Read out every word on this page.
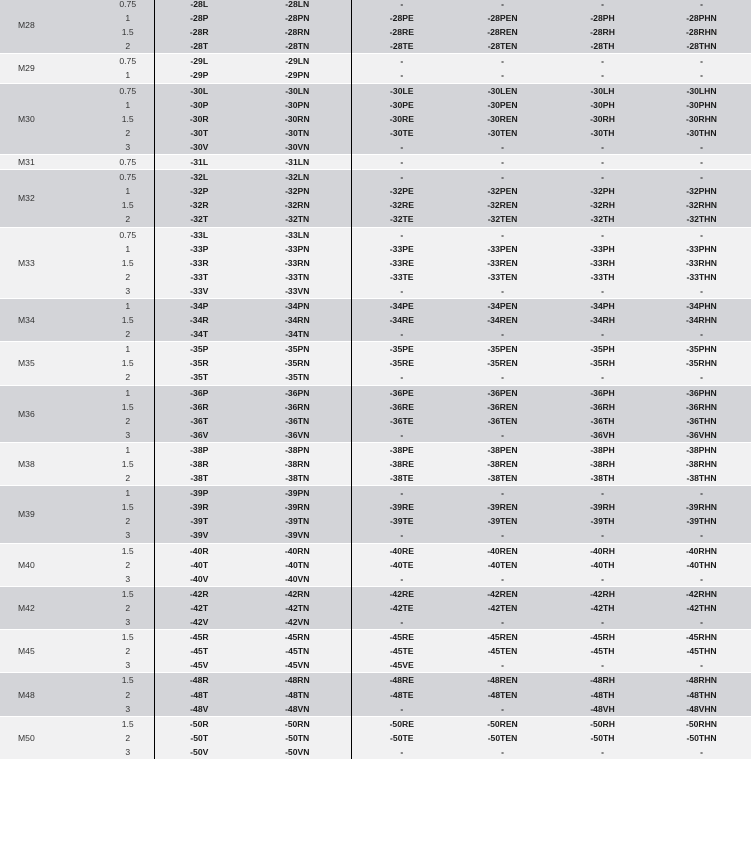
M28	0.75	-28L	-28LN	-	-	-	-
	1	-28P	-28PN	-28PE	-28PEN	-28PH	-28PHN
	1.5	-28R	-28RN	-28RE	-28REN	-28RH	-28RHN
	2	-28T	-28TN	-28TE	-28TEN	-28TH	-28THN
M29	0.75	-29L	-29LN	-	-	-	-
	1	-29P	-29PN	-	-	-	-
M30	0.75	-30L	-30LN	-30LE	-30LEN	-30LH	-30LHN
	1	-30P	-30PN	-30PE	-30PEN	-30PH	-30PHN
	1.5	-30R	-30RN	-30RE	-30REN	-30RH	-30RHN
	2	-30T	-30TN	-30TE	-30TEN	-30TH	-30THN
	3	-30V	-30VN	-	-	-	-
M31	0.75	-31L	-31LN	-	-	-	-
M32	0.75	-32L	-32LN	-	-	-	-
	1	-32P	-32PN	-32PE	-32PEN	-32PH	-32PHN
	1.5	-32R	-32RN	-32RE	-32REN	-32RH	-32RHN
	2	-32T	-32TN	-32TE	-32TEN	-32TH	-32THN
M33	0.75	-33L	-33LN	-	-	-	-
	1	-33P	-33PN	-33PE	-33PEN	-33PH	-33PHN
	1.5	-33R	-33RN	-33RE	-33REN	-33RH	-33RHN
	2	-33T	-33TN	-33TE	-33TEN	-33TH	-33THN
	3	-33V	-33VN	-	-	-	-
M34	1	-34P	-34PN	-34PE	-34PEN	-34PH	-34PHN
	1.5	-34R	-34RN	-34RE	-34REN	-34RH	-34RHN
	2	-34T	-34TN	-	-	-	-
M35	1	-35P	-35PN	-35PE	-35PEN	-35PH	-35PHN
	1.5	-35R	-35RN	-35RE	-35REN	-35RH	-35RHN
	2	-35T	-35TN	-	-	-	-
M36	1	-36P	-36PN	-36PE	-36PEN	-36PH	-36PHN
	1.5	-36R	-36RN	-36RE	-36REN	-36RH	-36RHN
	2	-36T	-36TN	-36TE	-36TEN	-36TH	-36THN
	3	-36V	-36VN	-	-	-36VH	-36VHN
M38	1	-38P	-38PN	-38PE	-38PEN	-38PH	-38PHN
	1.5	-38R	-38RN	-38RE	-38REN	-38RH	-38RHN
	2	-38T	-38TN	-38TE	-38TEN	-38TH	-38THN
M39	1	-39P	-39PN	-	-	-	-
	1.5	-39R	-39RN	-39RE	-39REN	-39RH	-39RHN
	2	-39T	-39TN	-39TE	-39TEN	-39TH	-39THN
	3	-39V	-39VN	-	-	-	-
M40	1.5	-40R	-40RN	-40RE	-40REN	-40RH	-40RHN
	2	-40T	-40TN	-40TE	-40TEN	-40TH	-40THN
	3	-40V	-40VN	-	-	-	-
M42	1.5	-42R	-42RN	-42RE	-42REN	-42RH	-42RHN
	2	-42T	-42TN	-42TE	-42TEN	-42TH	-42THN
	3	-42V	-42VN	-	-	-	-
M45	1.5	-45R	-45RN	-45RE	-45REN	-45RH	-45RHN
	2	-45T	-45TN	-45TE	-45TEN	-45TH	-45THN
	3	-45V	-45VN	-45VE	-	-	-
M48	1.5	-48R	-48RN	-48RE	-48REN	-48RH	-48RHN
	2	-48T	-48TN	-48TE	-48TEN	-48TH	-48THN
	3	-48V	-48VN	-	-	-48VH	-48VHN
M50	1.5	-50R	-50RN	-50RE	-50REN	-50RH	-50RHN
	2	-50T	-50TN	-50TE	-50TEN	-50TH	-50THN
	3	-50V	-50VN	-	-	-	-
